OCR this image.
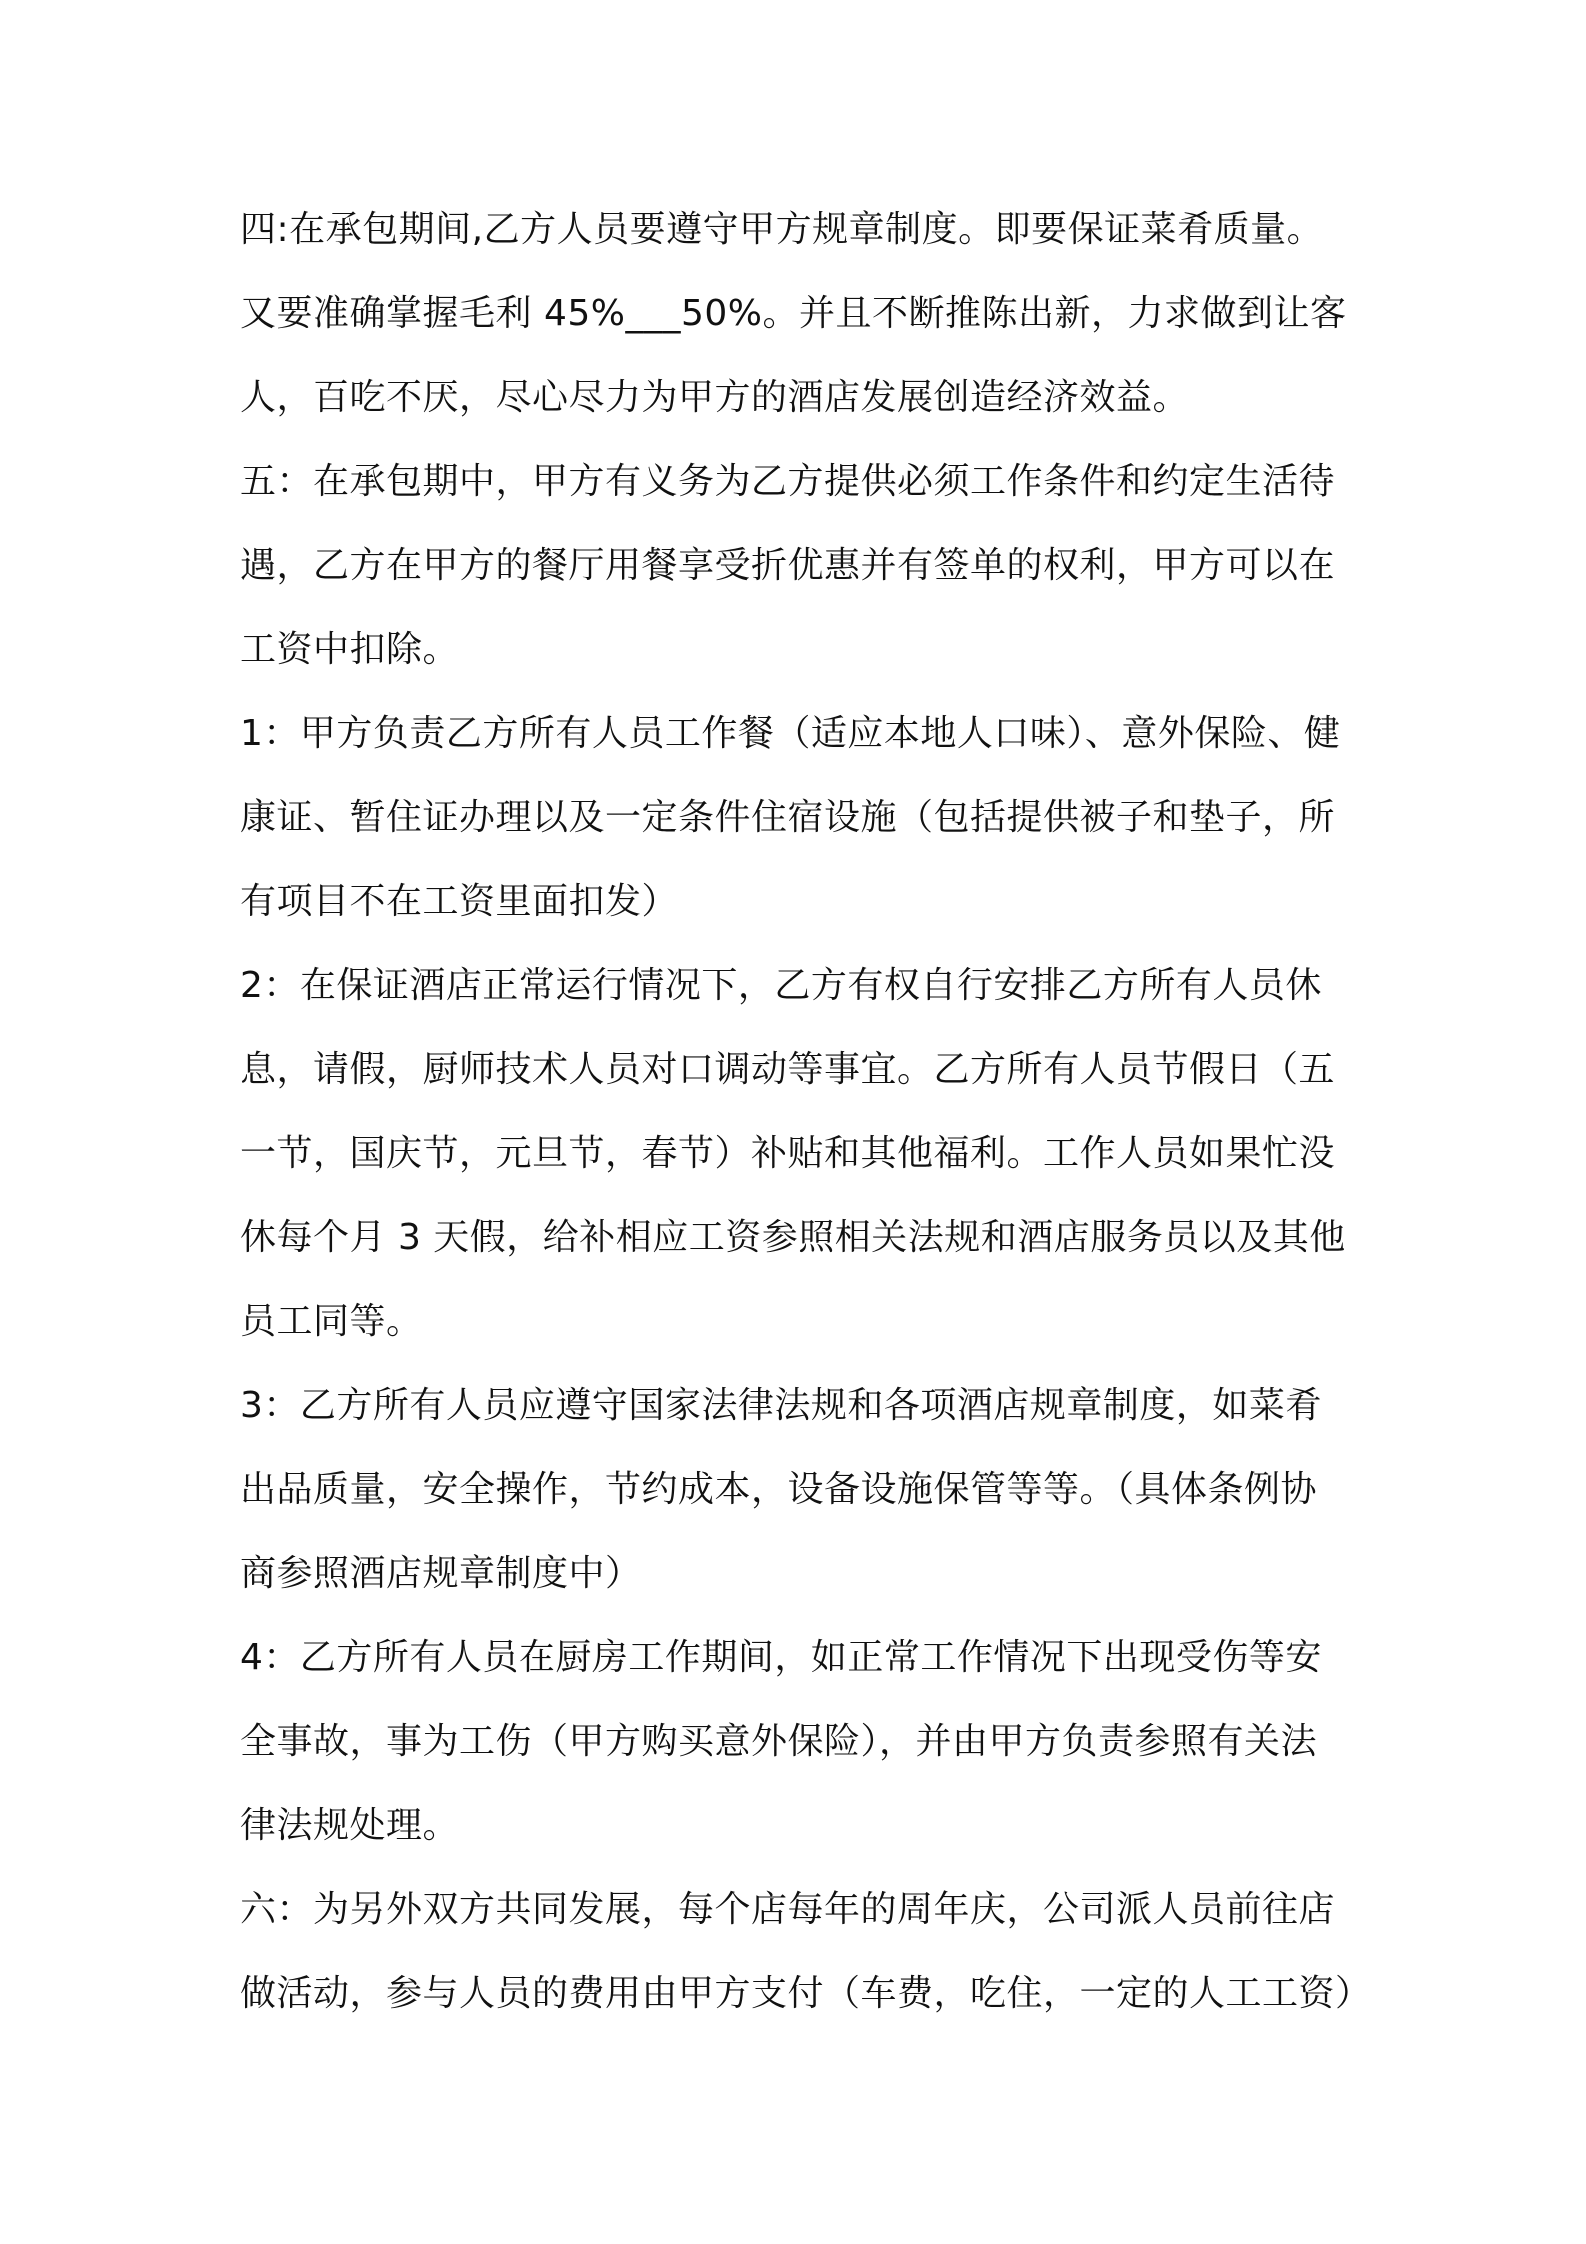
四:在承包期间,乙方人员要遵守甲方规章制度。即要保证菜肴质量。
又要准确掌握毛利 45%___50%。并且不断推陈出新，力求做到让客
人，百吃不厌，尽心尽力为甲方的酒店发展创造经济效益。
五：在承包期中，甲方有义务为乙方提供必须工作条件和约定生活待
遇，乙方在甲方的餐厅用餐享受折优惠并有签单的权利，甲方可以在
工资中扣除。
1：甲方负责乙方所有人员工作餐（适应本地人口味）、意外保险、健
康证、暂住证办理以及一定条件住宿设施（包括提供被子和垫子，所
有项目不在工资里面扣发）
2：在保证酒店正常运行情况下，乙方有权自行安排乙方所有人员休
息，请假，厨师技术人员对口调动等事宜。乙方所有人员节假日（五
一节，国庆节，元旦节，春节）补贴和其他福利。工作人员如果忙没
休每个月 3 天假，给补相应工资参照相关法规和酒店服务员以及其他
员工同等。
3：乙方所有人员应遵守国家法律法规和各项酒店规章制度，如菜肴
出品质量，安全操作，节约成本，设备设施保管等等。（具体条例协
商参照酒店规章制度中）
4：乙方所有人员在厨房工作期间，如正常工作情况下出现受伤等安
全事故，事为工伤（甲方购买意外保险），并由甲方负责参照有关法
律法规处理。
六：为另外双方共同发展，每个店每年的周年庆，公司派人员前往店
做活动，参与人员的费用由甲方支付（车费，吃住，一定的人工工资）
